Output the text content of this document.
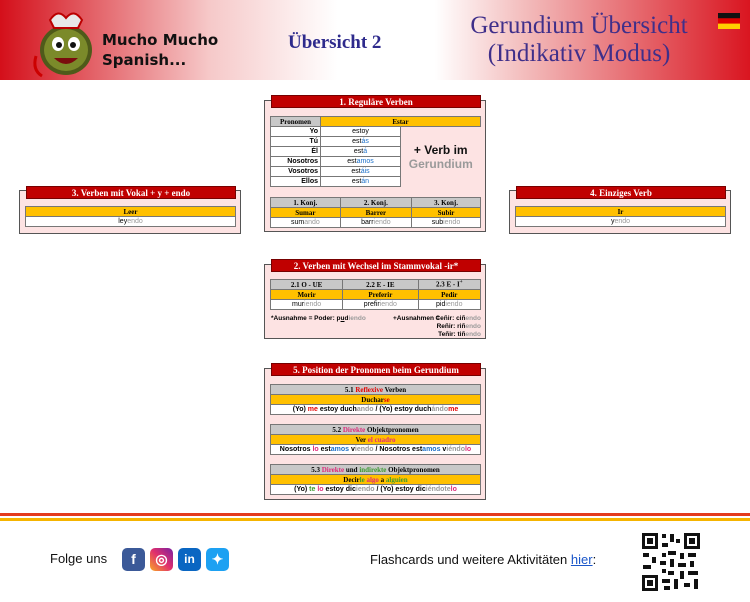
Mucho Mucho
Spanish...
Übersicht 2
Gerundium Übersicht
(Indikativ Modus)
1. Reguläre Verben
Pronomen	Estar	
Yo	estoy	+ Verb im
Gerundium

Tú	estás	
Él	está	
Nosotros	estamos	
Vosotros	estáis	
Ellos	están	
1. Konj.	2. Konj.	3. Konj.
Sumar	Barrer	Subir
sumando	barriendo	subiendo
3. Verben mit Vokal + y + endo
Leer
leyendo
4. Einziges Verb
Ir
yendo
2. Verben mit Wechsel im Stammvokal -ir*
2.1 O - UE	2.2 E - IE	2.3 E - I+
Morir	Preferir	Pedir
muriendo	prefiriendo	pidiendo
*Ausnahme = Poder: pudiendo	+Ausnahmen =
Ceñir: ciñendo
Reñir: riñendo
Teñir: tiñendo
5. Position der Pronomen beim Gerundium
5.1 Reflexive Verben
Ducharse
(Yo) me estoy duchando / (Yo) estoy duchándome
5.2 Direkte Objektpronomen
Ver el cuadro
Nosotros lo estamos viendo / Nosotros estamos viéndolo
5.3 Direkte und indirekte Objektpronomen
Decirle algo a alguien
(Yo) te lo estoy diciendo / (Yo) estoy diciéndotelo
Folge uns	f	◎	in	✦	Flashcards und weitere Aktivitäten hier:
